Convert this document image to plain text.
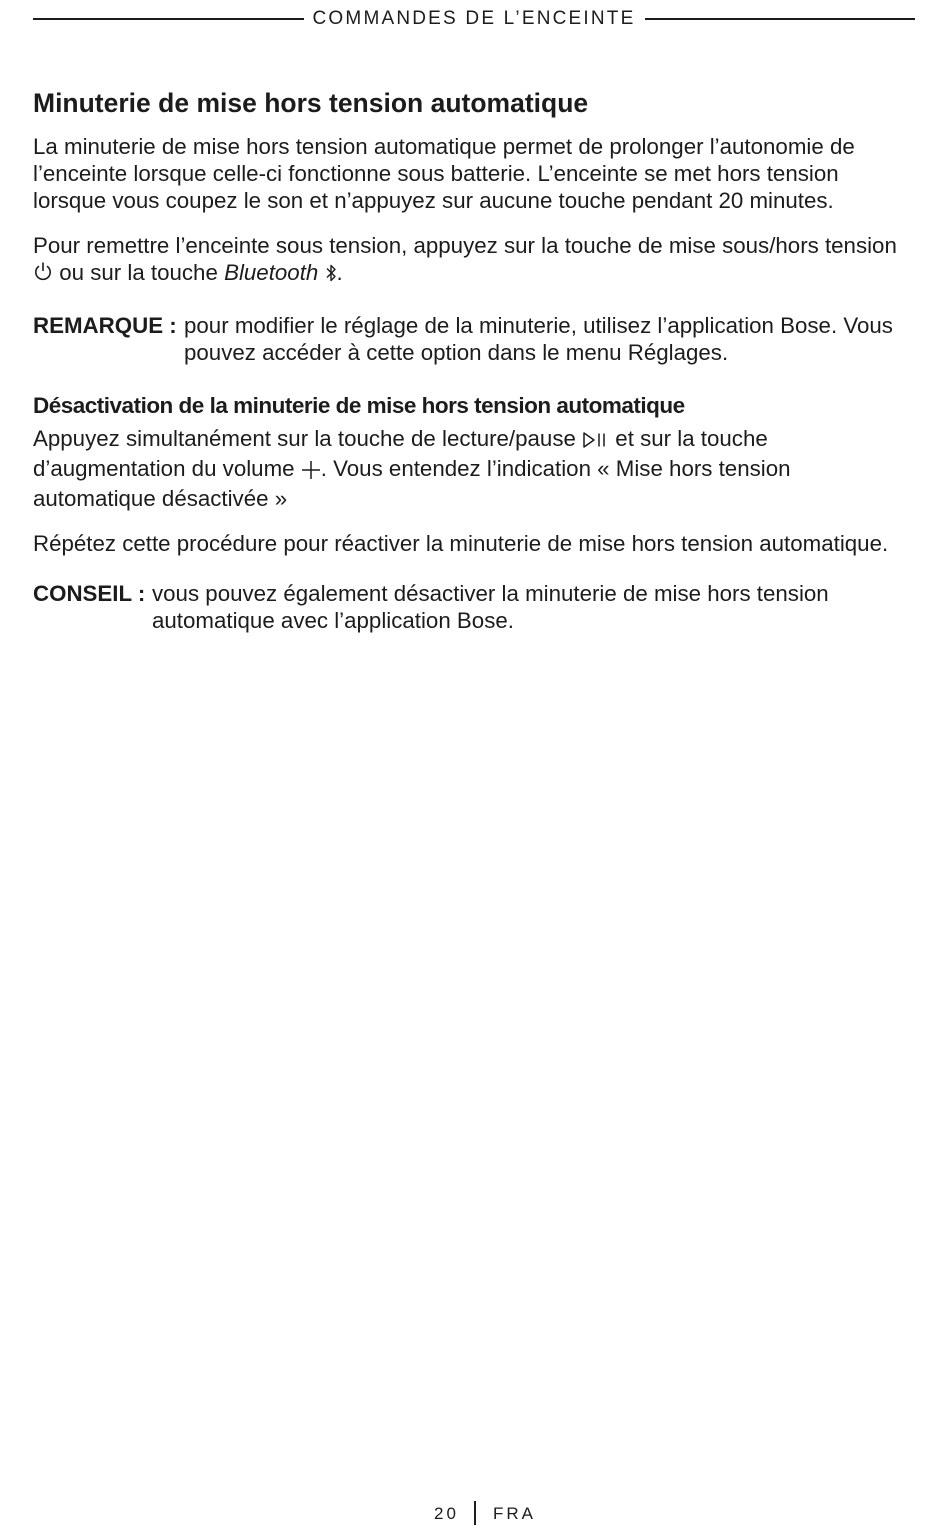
COMMANDES DE L’ENCEINTE
Minuterie de mise hors tension automatique

La minuterie de mise hors tension automatique permet de prolonger l’autonomie de l’enceinte lorsque celle-ci fonctionne sous batterie. L’enceinte se met hors tension lorsque vous coupez le son et n’appuyez sur aucune touche pendant 20 minutes.

Pour remettre l’enceinte sous tension, appuyez sur la touche de mise sous/hors tension  ou sur la touche Bluetooth .

REMARQUE : pour modifier le réglage de la minuterie, utilisez l’application Bose. Vous pouvez accéder à cette option dans le menu Réglages.
Désactivation de la minuterie de mise hors tension automatique

Appuyez simultanément sur la touche de lecture/pause et sur la touche d’augmentation du volume . Vous entendez l’indication « Mise hors tension automatique désactivée »

Répétez cette procédure pour réactiver la minuterie de mise hors tension automatique.

CONSEIL : vous pouvez également désactiver la minuterie de mise hors tension automatique avec l’application Bose.
20 FRA
